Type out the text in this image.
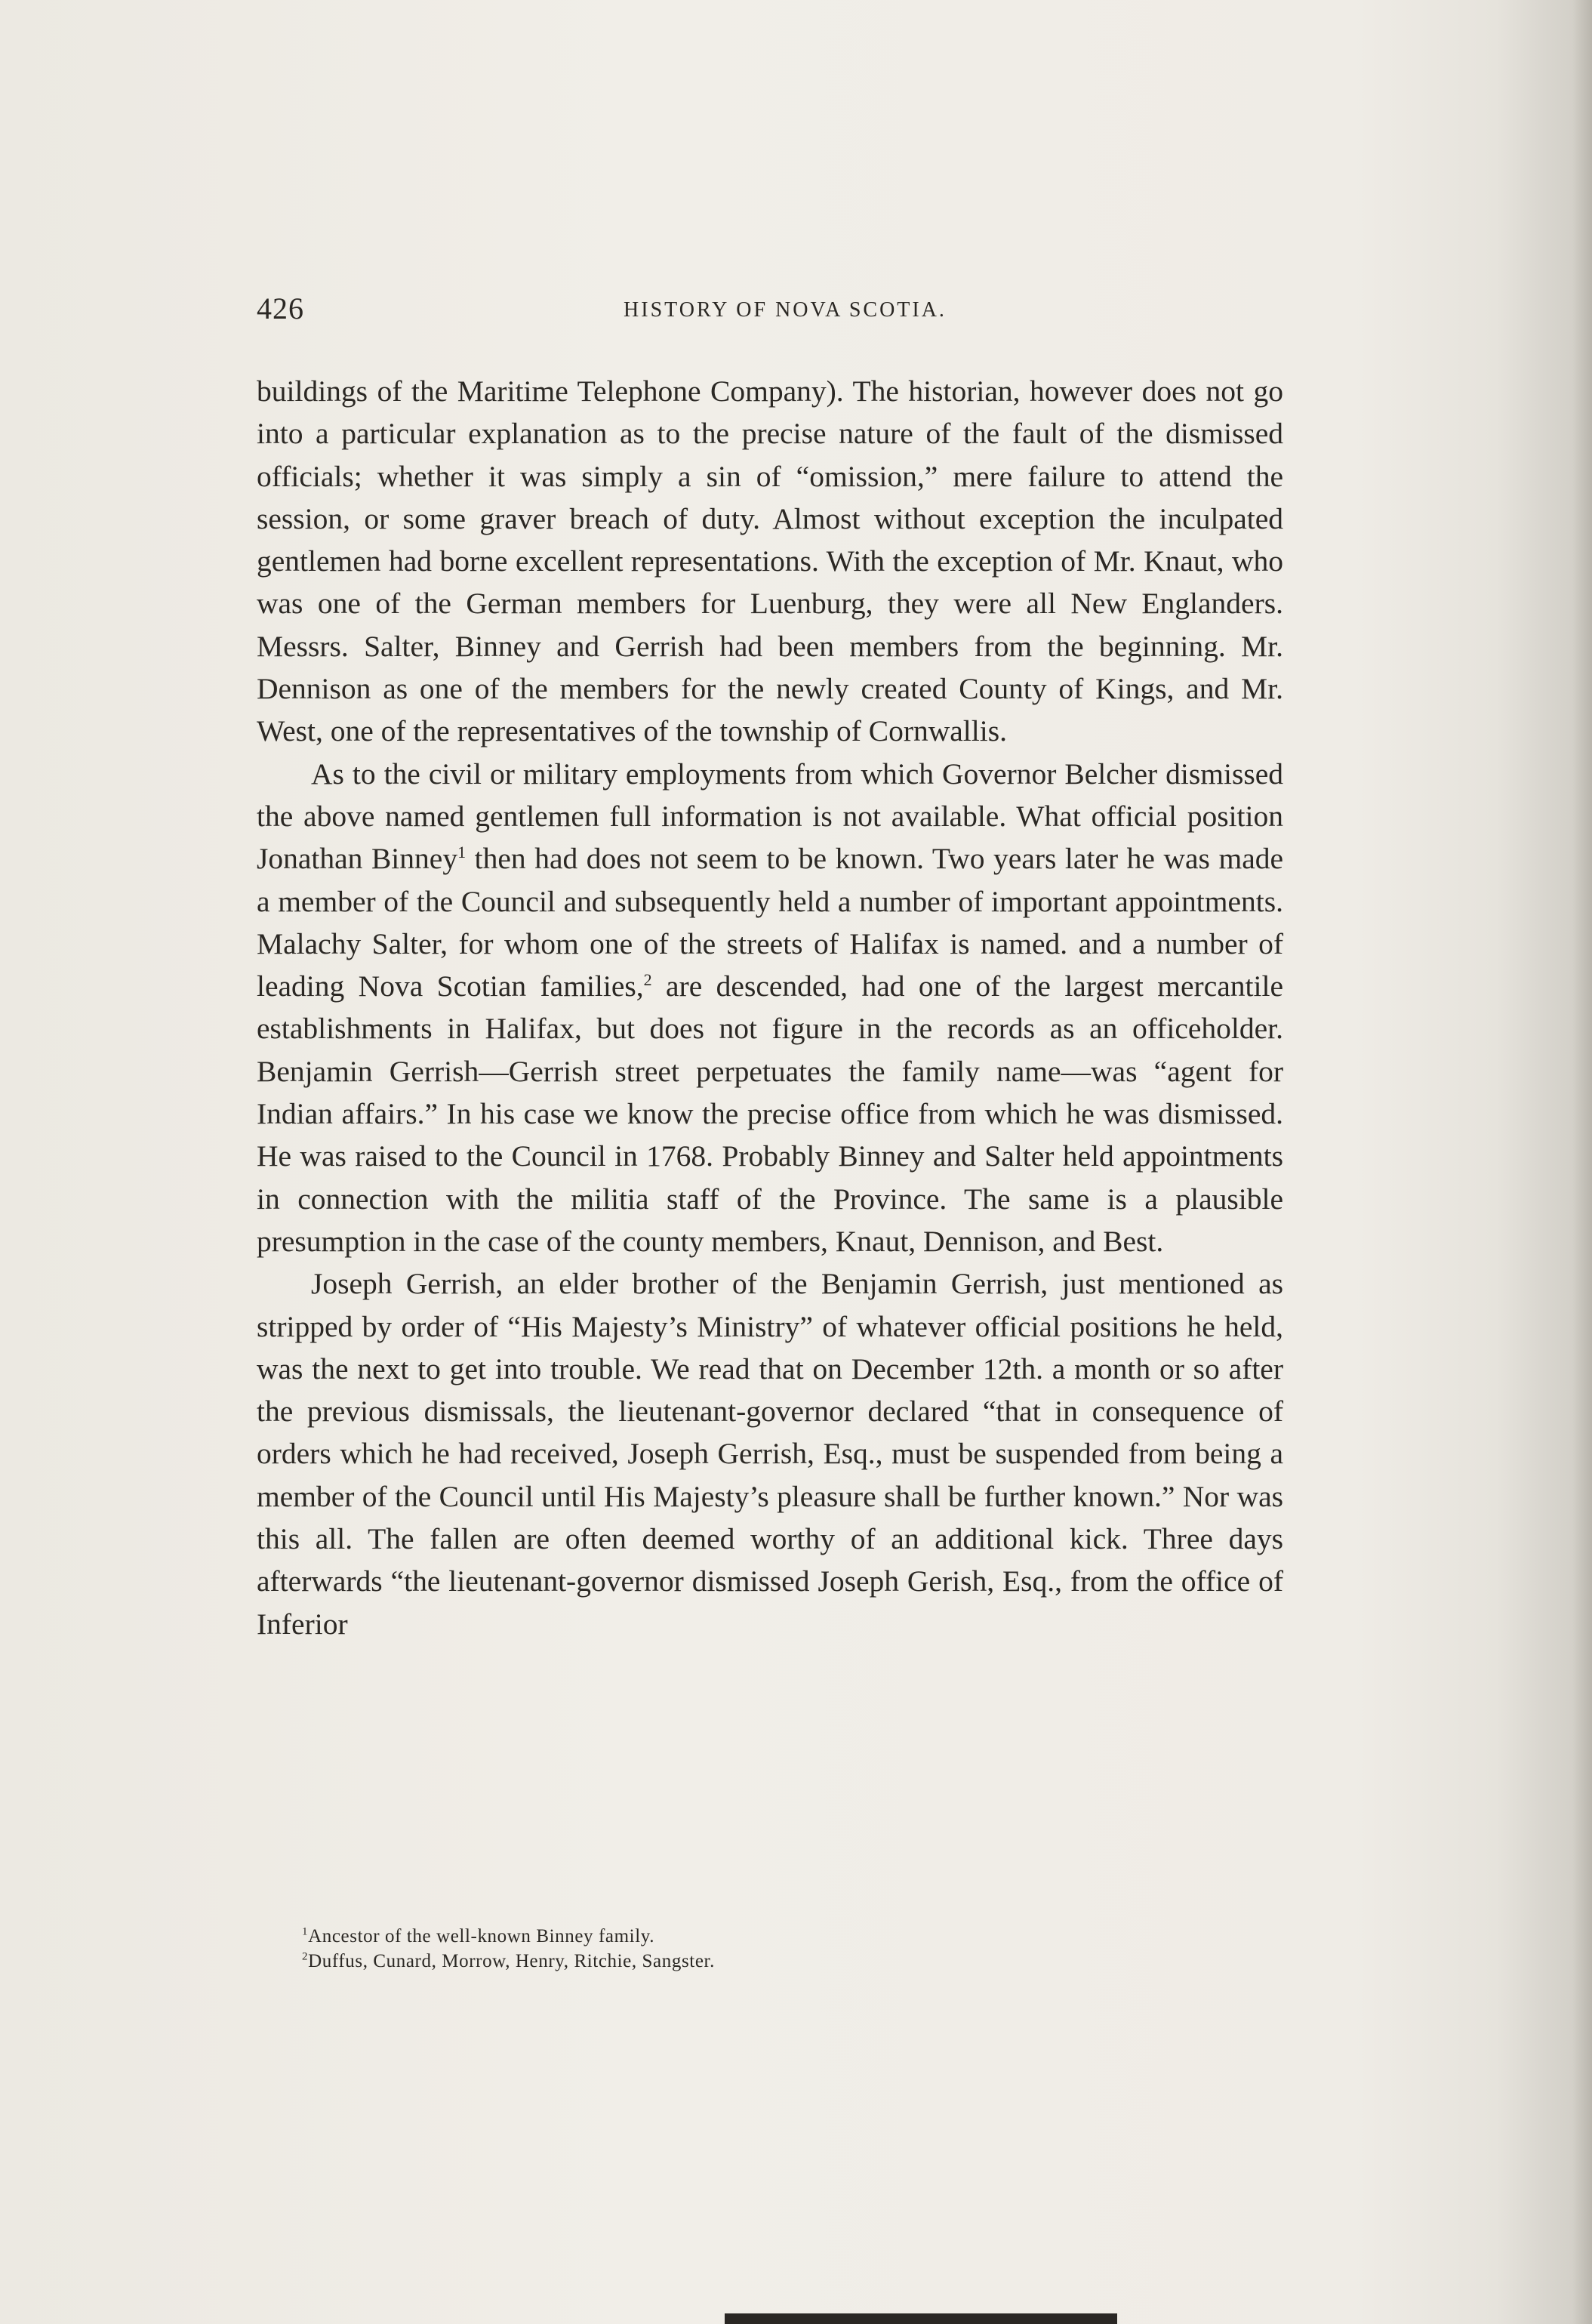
426	HISTORY OF NOVA SCOTIA.

buildings of the Maritime Telephone Company). The historian, however does not go into a particular explanation as to the precise nature of the fault of the dismissed officials; whether it was simply a sin of “omission,” mere failure to attend the session, or some graver breach of duty. Almost without exception the inculpated gentlemen had borne excellent representations. With the exception of Mr. Knaut, who was one of the German members for Luenburg, they were all New Englanders. Messrs. Salter, Binney and Gerrish had been members from the beginning. Mr. Dennison as one of the members for the newly created County of Kings, and Mr. West, one of the representatives of the township of Cornwallis.

As to the civil or military employments from which Governor Belcher dismissed the above named gentlemen full information is not available. What official position Jonathan Binney$^1$ then had does not seem to be known. Two years later he was made a member of the Council and subsequently held a number of important appointments. Malachy Salter, for whom one of the streets of Halifax is named. and a number of leading Nova Scotian families,$^2$ are descended, had one of the largest mercantile establishments in Halifax, but does not figure in the records as an officeholder. Benjamin Gerrish—Gerrish street perpetuates the family name—was “agent for Indian affairs.” In his case we know the precise office from which he was dismissed. He was raised to the Council in 1768. Probably Binney and Salter held appointments in connection with the militia staff of the Province. The same is a plausible presumption in the case of the county members, Knaut, Dennison, and Best.

Joseph Gerrish, an elder brother of the Benjamin Gerrish, just mentioned as stripped by order of “His Majesty’s Ministry” of whatever official positions he held, was the next to get into trouble. We read that on December 12th. a month or so after the previous dismissals, the lieutenant-governor declared “that in consequence of orders which he had received, Joseph Gerrish, Esq., must be suspended from being a member of the Council until His Majesty’s pleasure shall be further known.” Nor was this all. The fallen are often deemed worthy of an additional kick. Three days afterwards “the lieutenant-governor dismissed Joseph Gerish, Esq., from the office of Inferior

$^1$Ancestor of the well-known Binney family.
$^2$Duffus, Cunard, Morrow, Henry, Ritchie, Sangster.
